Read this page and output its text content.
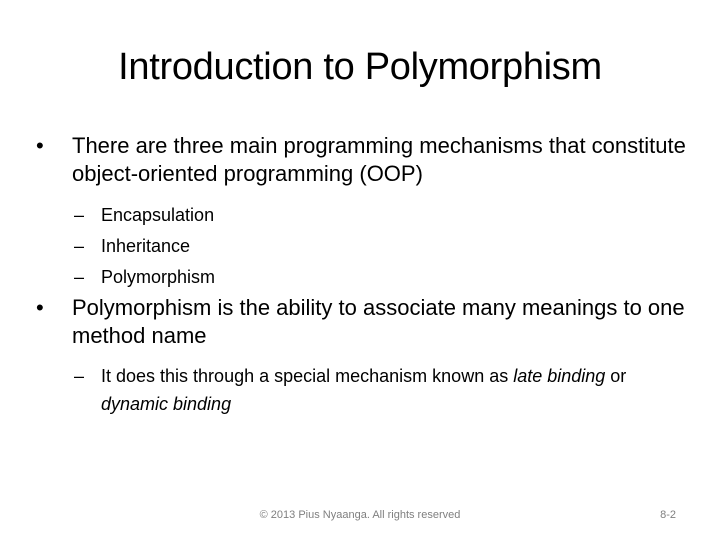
Introduction to Polymorphism
•	There are three main programming mechanisms that constitute object-oriented programming (OOP)
– Encapsulation
– Inheritance
– Polymorphism
•	Polymorphism is the ability to associate many meanings to one method name
– It does this through a special mechanism known as late binding or dynamic binding
© 2013 Pius Nyaanga. All rights reserved	8-2
